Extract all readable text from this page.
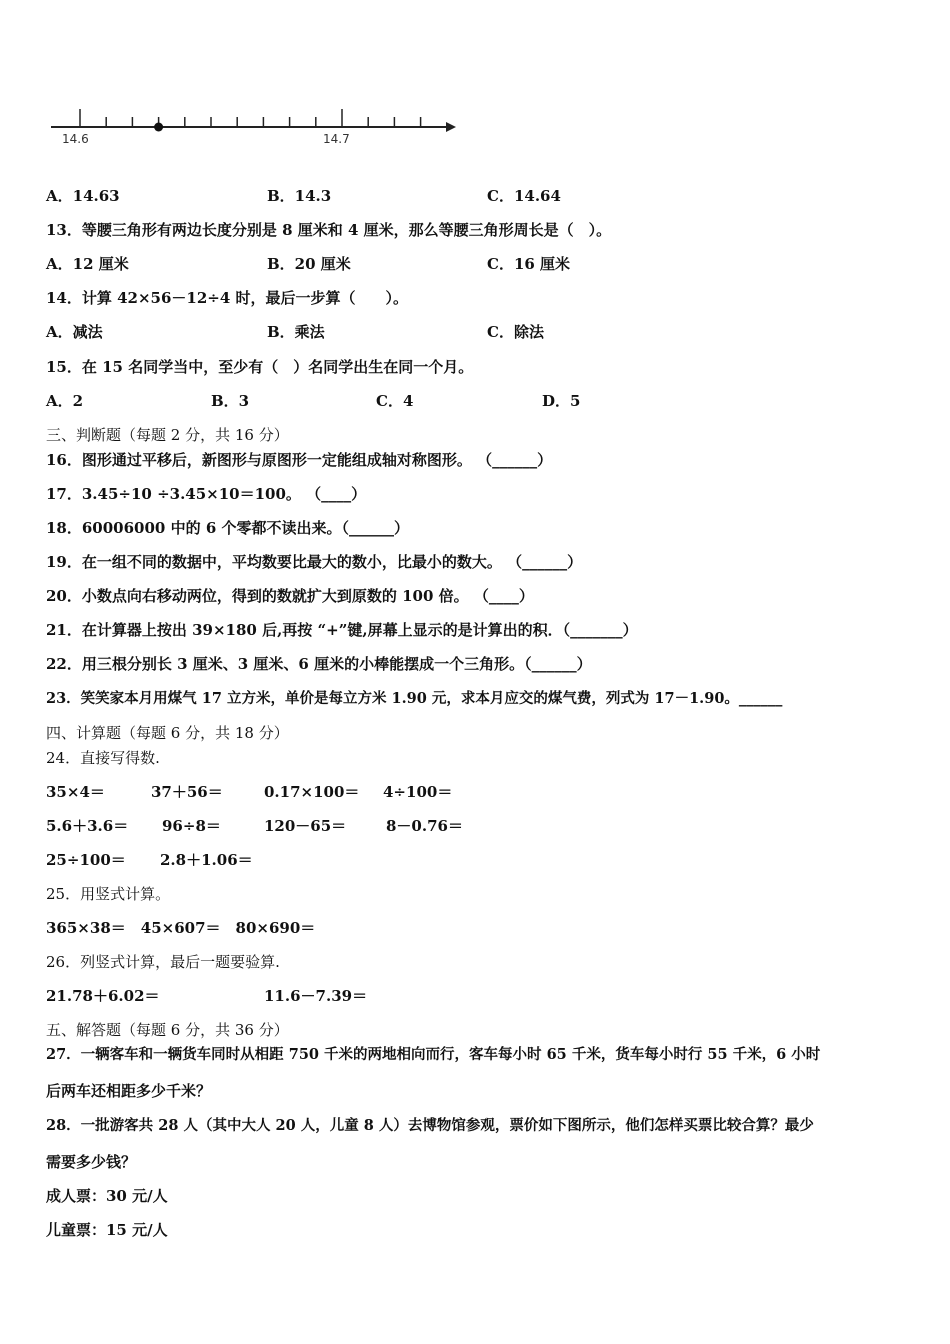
14.6	14.7
A．14.63	B．14.3	C．14.64
13．等腰三角形有两边长度分别是 8 厘米和 4 厘米，那么等腰三角形周长是（　）。
A．12 厘米	B．20 厘米	C．16 厘米
14．计算 42×56－12÷4 时，最后一步算（　　）。
A．减法	B．乘法	C．除法
15．在 15 名同学当中，至少有（　）名同学出生在同一个月。
A．2	B．3	C．4	D．5
三、判断题（每题 2 分，共 16 分）
16．图形通过平移后，新图形与原图形一定能组成轴对称图形。 （______）
17．3.45÷10 ÷3.45×10＝100。 （____）
18．60006000 中的 6 个零都不读出来。（______）
19．在一组不同的数据中，平均数要比最大的数小，比最小的数大。 （______）
20．小数点向右移动两位，得到的数就扩大到原数的 100 倍。 （____）
21．在计算器上按出 39×180 后,再按 “+”键,屏幕上显示的是计算出的积．（_______）
22．用三根分别长 3 厘米、3 厘米、6 厘米的小棒能摆成一个三角形。（______）
23．笑笑家本月用煤气 17 立方米，单价是每立方米 1.90 元，求本月应交的煤气费，列式为 17－1.90。______
四、计算题（每题 6 分，共 18 分）
24．直接写得数.
35×4＝	37＋56＝	0.17×100＝ 4÷100＝
5.6＋3.6＝ 96÷8＝	120－65＝	8－0.76＝
25÷100＝ 2.8＋1.06＝
25．用竖式计算。
365×38＝　45×607＝　80×690＝
26．列竖式计算，最后一题要验算.
21.78＋6.02＝	11.6－7.39＝
五、解答题（每题 6 分，共 36 分）
27．一辆客车和一辆货车同时从相距 750 千米的两地相向而行，客车每小时 65 千米，货车每小时行 55 千米，6 小时
后两车还相距多少千米？
28．一批游客共 28 人（其中大人 20 人，儿童 8 人）去博物馆参观，票价如下图所示，他们怎样买票比较合算？最少
需要多少钱？
成人票：30 元/人
儿童票：15 元/人
